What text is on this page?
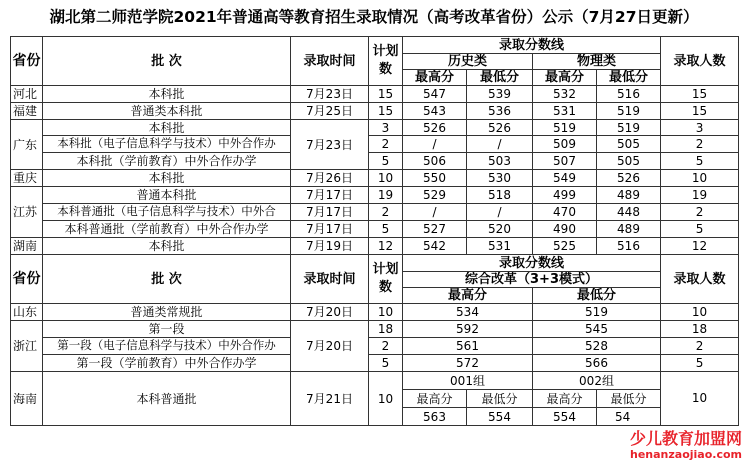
湖北第二师范学院2021年普通高等教育招生录取情况（高考改革省份）公示（7月27日更新）
省份	批 次	录取时间	计划数	录取分数线				录取人数
				历史类		物理类		
				最高分	最低分	最高分	最低分	
河北	本科批	7月23日	15	547	539	532	516	15
福建	普通类本科批	7月25日	15	543	536	531	519	15
广东	本科批	7月23日	3	526	526	519	519	3
	本科批（电子信息科学与技术）中外合作办		2	/	/	509	505	2
	本科批（学前教育）中外合作办学		5	506	503	507	505	5
重庆	本科批	7月26日	10	550	530	549	526	10
江苏	普通本科批	7月17日	19	529	518	499	489	19
	本科普通批（电子信息科学与技术）中外合	7月17日	2	/	/	470	448	2
	本科普通批（学前教育）中外合作办学	7月17日	5	527	520	490	489	5
湖南	本科批	7月19日	12	542	531	525	516	12
省份	批 次	录取时间	计划数	录取分数线				录取人数
				综合改革（3+3模式）				
				最高分		最低分		
山东	普通类常规批	7月20日	10	534		519		10
浙江	第一段	7月20日	18	592		545		18
	第一段（电子信息科学与技术）中外合作办		2	561		528		2
	第一段（学前教育）中外合作办学		5	572		566		5
海南	本科普通批	7月21日	10	001组		002组		10
				最高分	最低分	最高分	最低分	
				563	554	554	54	
少儿教育加盟网
henanzaojiao.com
